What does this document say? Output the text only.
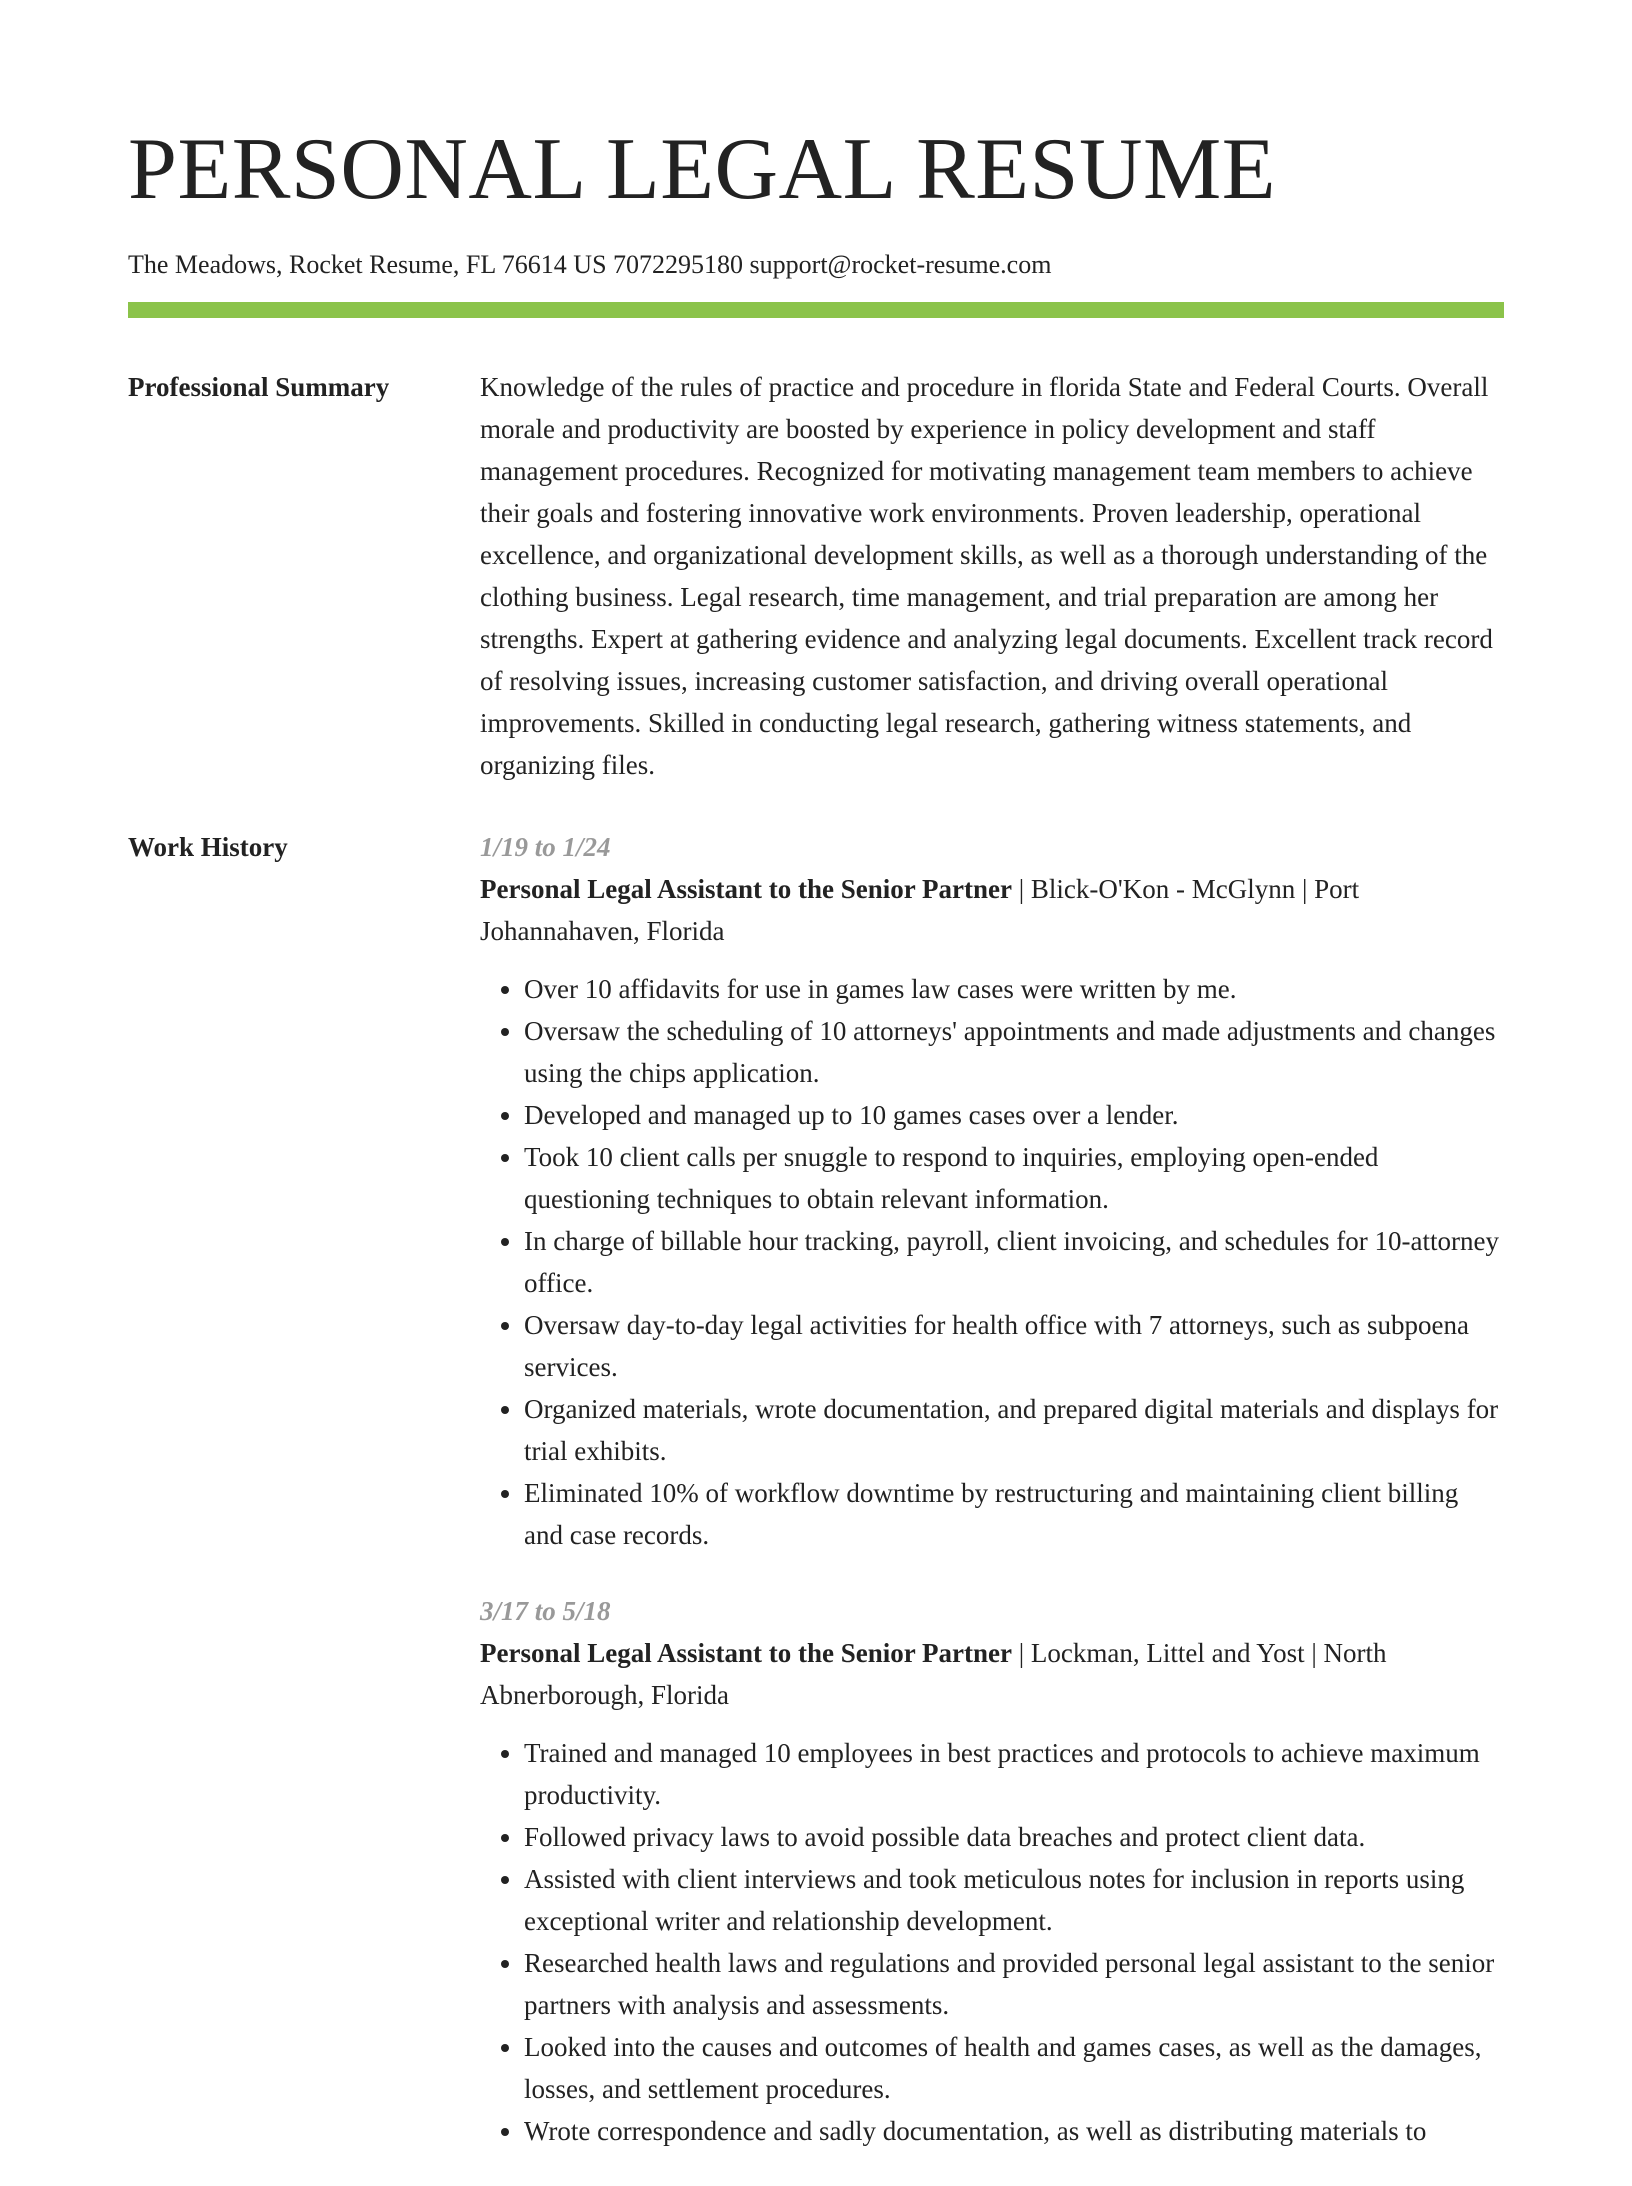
PERSONAL LEGAL RESUME
The Meadows, Rocket Resume, FL 76614 US 7072295180 support@rocket-resume.com
Professional Summary	Knowledge of the rules of practice and procedure in florida State and Federal Courts. Overall morale and productivity are boosted by experience in policy development and staff management procedures. Recognized for motivating management team members to achieve their goals and fostering innovative work environments. Proven leadership, operational excellence, and organizational development skills, as well as a thorough understanding of the clothing business. Legal research, time management, and trial preparation are among her strengths. Expert at gathering evidence and analyzing legal documents. Excellent track record of resolving issues, increasing customer satisfaction, and driving overall operational improvements. Skilled in conducting legal research, gathering witness statements, and organizing files.

Work History	1/19 to 1/24

Personal Legal Assistant to the Senior Partner | Blick-O'Kon - McGlynn | Port Johannahaven, Florida

• Over 10 affidavits for use in games law cases were written by me.
• Oversaw the scheduling of 10 attorneys' appointments and made adjustments and changes using the chips application.
• Developed and managed up to 10 games cases over a lender.
• Took 10 client calls per snuggle to respond to inquiries, employing open-ended questioning techniques to obtain relevant information.
• In charge of billable hour tracking, payroll, client invoicing, and schedules for 10-attorney office.
• Oversaw day-to-day legal activities for health office with 7 attorneys, such as subpoena services.
• Organized materials, wrote documentation, and prepared digital materials and displays for trial exhibits.
• Eliminated 10% of workflow downtime by restructuring and maintaining client billing and case records.
3/17 to 5/18

Personal Legal Assistant to the Senior Partner | Lockman, Littel and Yost | North Abnerborough, Florida

• Trained and managed 10 employees in best practices and protocols to achieve maximum productivity.
• Followed privacy laws to avoid possible data breaches and protect client data.
• Assisted with client interviews and took meticulous notes for inclusion in reports using exceptional writer and relationship development.
• Researched health laws and regulations and provided personal legal assistant to the senior partners with analysis and assessments.
• Looked into the causes and outcomes of health and games cases, as well as the damages, losses, and settlement procedures.
• Wrote correspondence and sadly documentation, as well as distributing materials to
